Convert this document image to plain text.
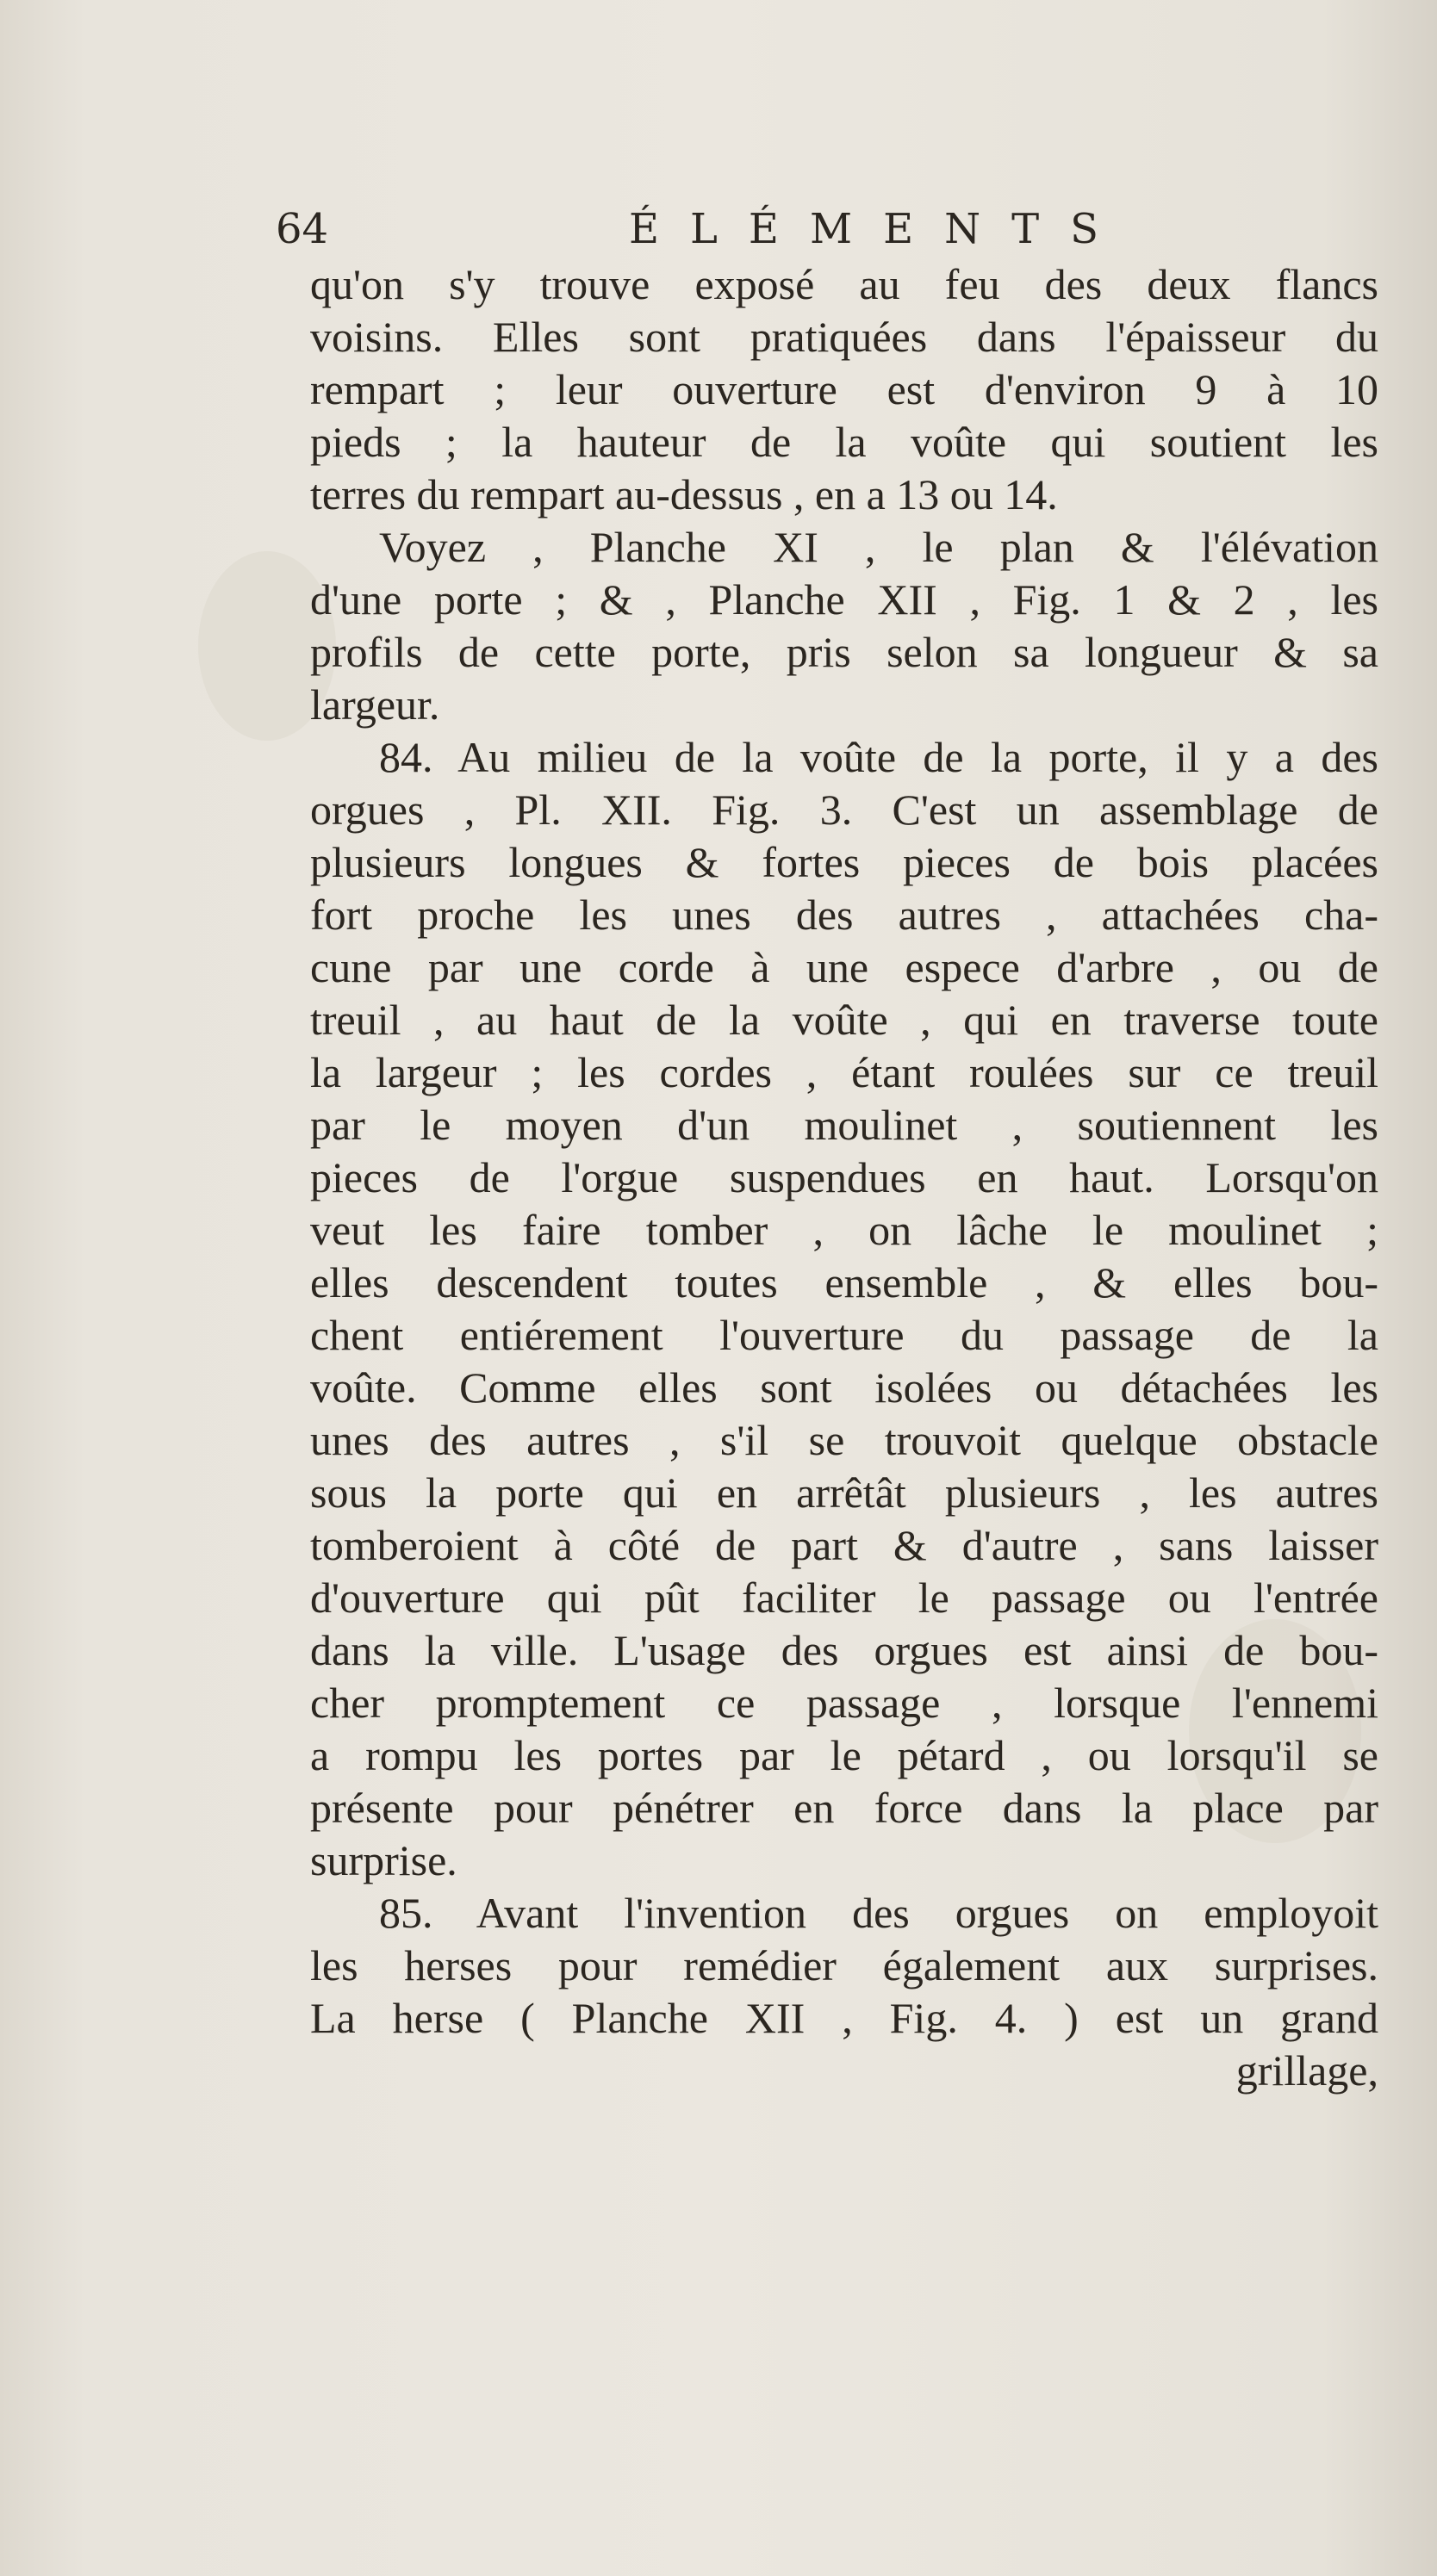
64	ÉLÉMENTS
qu'on s'y trouve exposé au feu des deux flancs
voisins. Elles sont pratiquées dans l'épaisseur du
rempart ; leur ouverture est d'environ 9 à 10
pieds ; la hauteur de la voûte qui soutient les
terres du rempart au-dessus , en a 13 ou 14.
Voyez , Planche XI , le plan & l'élévation
d'une porte ; & , Planche XII , Fig. 1 & 2 , les
profils de cette porte, pris selon sa longueur & sa
largeur.
84. Au milieu de la voûte de la porte, il y a des
orgues , Pl. XII. Fig. 3. C'est un assemblage de
plusieurs longues & fortes pieces de bois placées
fort proche les unes des autres , attachées cha-
cune par une corde à une espece d'arbre , ou de
treuil , au haut de la voûte , qui en traverse toute
la largeur ; les cordes , étant roulées sur ce treuil
par le moyen d'un moulinet , soutiennent les
pieces de l'orgue suspendues en haut. Lorsqu'on
veut les faire tomber , on lâche le moulinet ;
elles descendent toutes ensemble , & elles bou-
chent entiérement l'ouverture du passage de la
voûte. Comme elles sont isolées ou détachées les
unes des autres , s'il se trouvoit quelque obstacle
sous la porte qui en arrêtât plusieurs , les autres
tomberoient à côté de part & d'autre , sans laisser
d'ouverture qui pût faciliter le passage ou l'entrée
dans la ville. L'usage des orgues est ainsi de bou-
cher promptement ce passage , lorsque l'ennemi
a rompu les portes par le pétard , ou lorsqu'il se
présente pour pénétrer en force dans la place par
surprise.
85. Avant l'invention des orgues on employoit
les herses pour remédier également aux surprises.
La herse ( Planche XII , Fig. 4. ) est un grand
grillage,
